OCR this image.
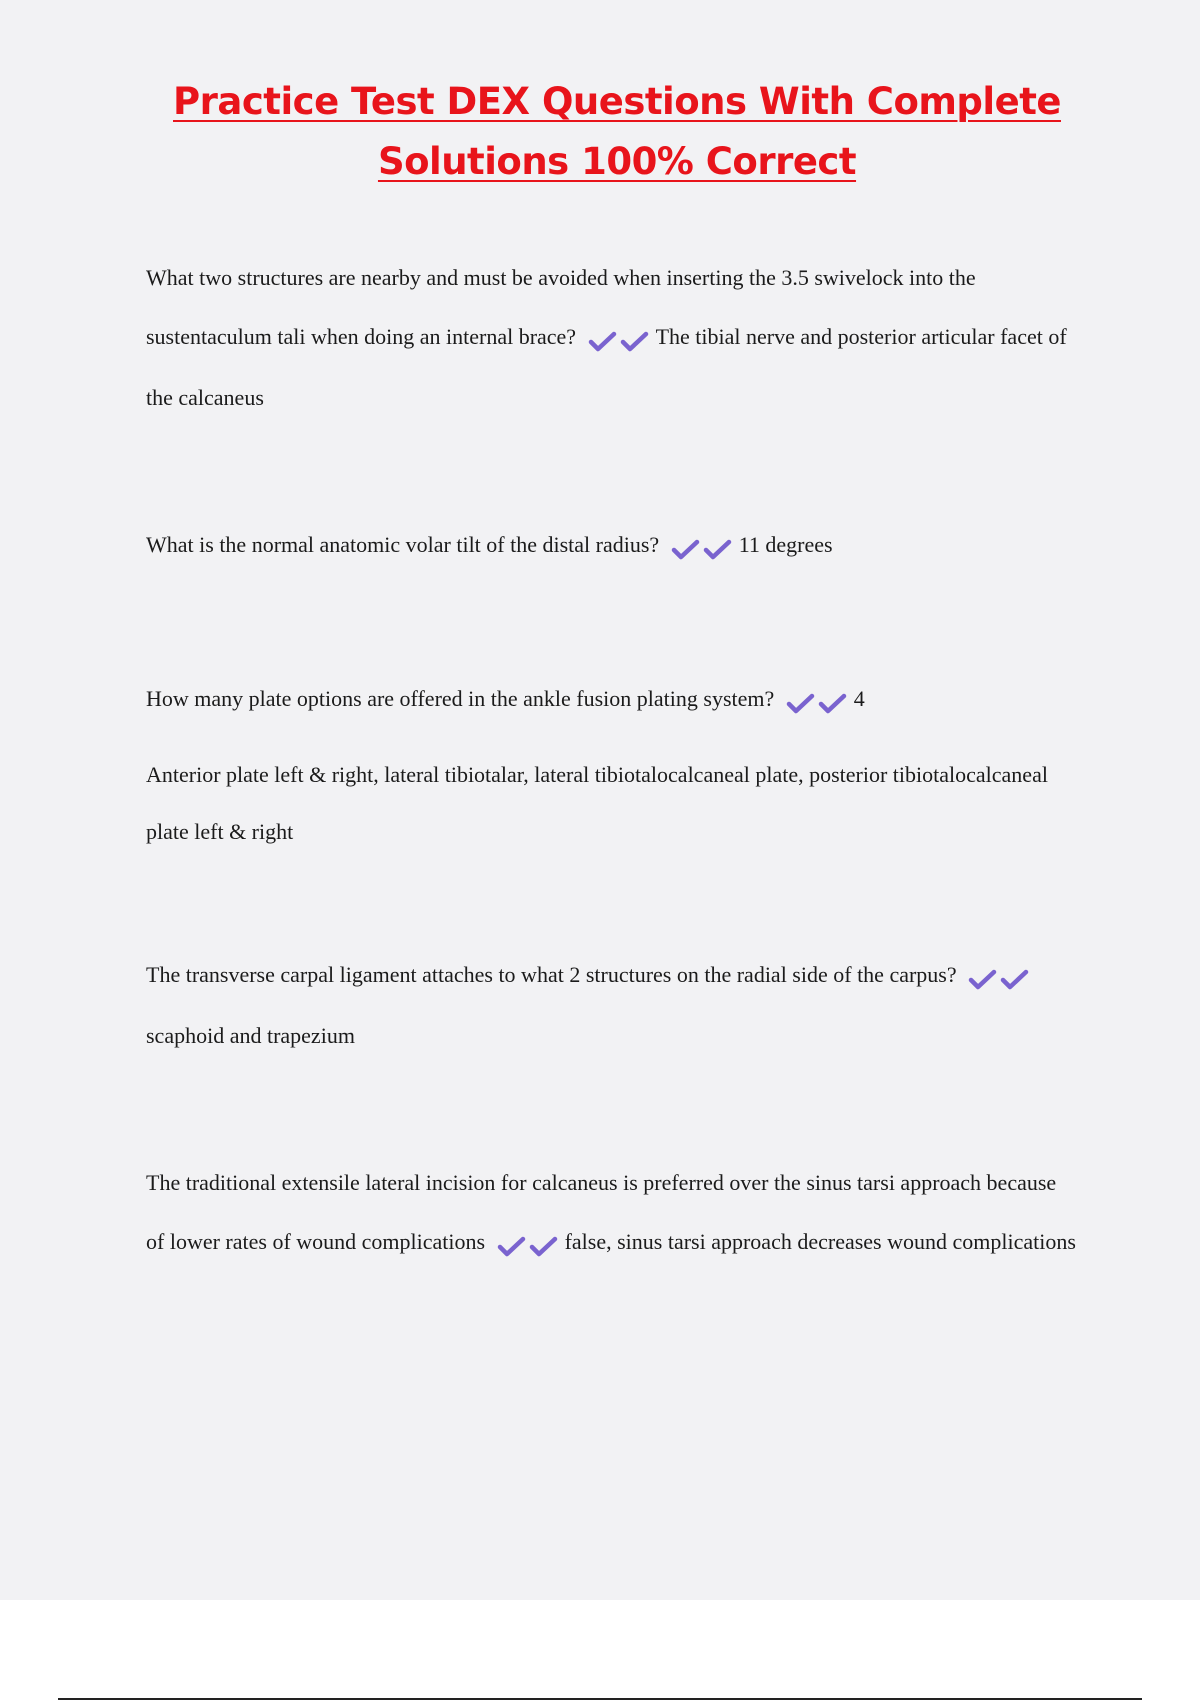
Practice Test DEX Questions With Complete
Solutions 100% Correct

What two structures are nearby and must be avoided when inserting the 3.5 swivelock into the sustentaculum tali when doing an internal brace?	The tibial nerve and posterior articular facet of the calcaneus

What is the normal anatomic volar tilt of the distal radius?	11 degrees

How many plate options are offered in the ankle fusion plating system?	4

Anterior plate left & right, lateral tibiotalar, lateral tibiotalocalcaneal plate, posterior tibiotalocalcaneal plate left & right

The transverse carpal ligament attaches to what 2 structures on the radial side of the carpus? scaphoid and trapezium

The traditional extensile lateral incision for calcaneus is preferred over the sinus tarsi approach because of lower rates of wound complications	false, sinus tarsi approach decreases wound complications
